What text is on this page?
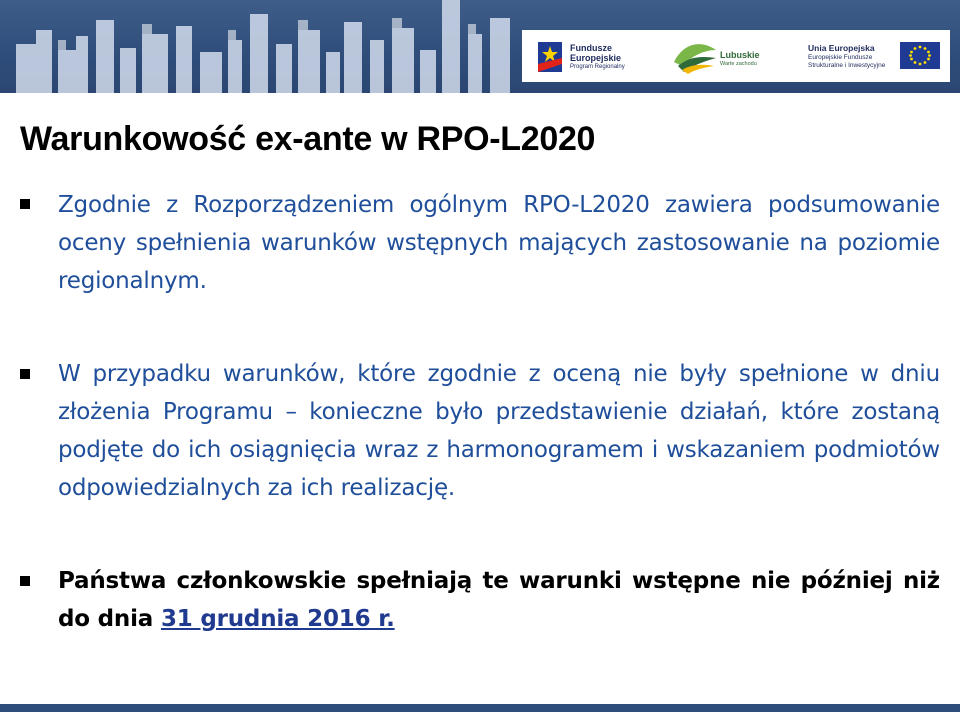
Fundusze
Europejskie
Program Regionalny
Lubuskie
Warte zachodu
Unia Europejska
Europejskie Fundusze
Strukturalne i Inwestycyjne
Warunkowość ex-ante w RPO-L2020
Zgodnie z Rozporządzeniem ogólnym RPO-L2020 zawiera podsumowanie oceny spełnienia warunków wstępnych mających zastosowanie na poziomie regionalnym.
W przypadku warunków, które zgodnie z oceną nie były spełnione w dniu złożenia Programu – konieczne było przedstawienie działań, które zostaną podjęte do ich osiągnięcia wraz z harmonogramem i wskazaniem podmiotów odpowiedzialnych za ich realizację.
Państwa członkowskie spełniają te warunki wstępne nie później niż do dnia 31 grudnia 2016 r.
